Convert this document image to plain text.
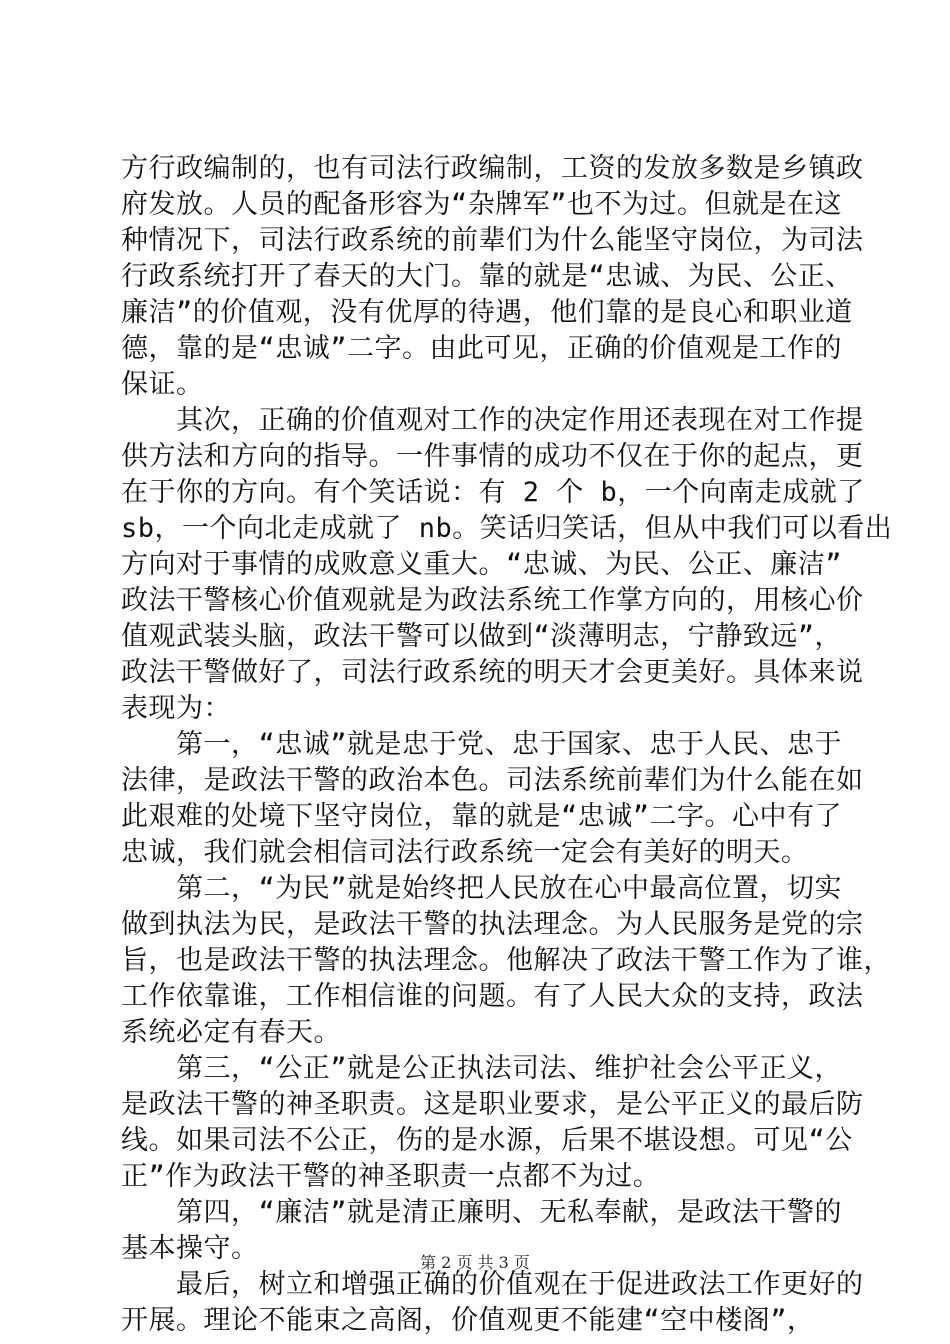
方行政编制的，也有司法行政编制，工资的发放多数是乡镇政
府发放。人员的配备形容为“杂牌军”也不为过。但就是在这
种情况下，司法行政系统的前辈们为什么能坚守岗位，为司法
行政系统打开了春天的大门。靠的就是“忠诚、为民、公正、
廉洁”的价值观，没有优厚的待遇，他们靠的是良心和职业道
德，靠的是“忠诚”二字。由此可见，正确的价值观是工作的
保证。
　　其次，正确的价值观对工作的决定作用还表现在对工作提
供方法和方向的指导。一件事情的成功不仅在于你的起点，更
在于你的方向。有个笑话说：有 2 个 b，一个向南走成就了
sb，一个向北走成就了 nb。笑话归笑话，但从中我们可以看出
方向对于事情的成败意义重大。“忠诚、为民、公正、廉洁”
政法干警核心价值观就是为政法系统工作掌方向的，用核心价
值观武装头脑，政法干警可以做到“淡薄明志，宁静致远”，
政法干警做好了，司法行政系统的明天才会更美好。具体来说
表现为：
　　第一，“忠诚”就是忠于党、忠于国家、忠于人民、忠于
法律，是政法干警的政治本色。司法系统前辈们为什么能在如
此艰难的处境下坚守岗位，靠的就是“忠诚”二字。心中有了
忠诚，我们就会相信司法行政系统一定会有美好的明天。
　　第二，“为民”就是始终把人民放在心中最高位置，切实
做到执法为民，是政法干警的执法理念。为人民服务是党的宗
旨，也是政法干警的执法理念。他解决了政法干警工作为了谁，
工作依靠谁，工作相信谁的问题。有了人民大众的支持，政法
系统必定有春天。
　　第三，“公正”就是公正执法司法、维护社会公平正义，
是政法干警的神圣职责。这是职业要求，是公平正义的最后防
线。如果司法不公正，伤的是水源，后果不堪设想。可见“公
正”作为政法干警的神圣职责一点都不为过。
　　第四，“廉洁”就是清正廉明、无私奉献，是政法干警的
基本操守。
　　最后，树立和增强正确的价值观在于促进政法工作更好的
开展。理论不能束之高阁，价值观更不能建“空中楼阁”，
第 2 页 共 3 页
